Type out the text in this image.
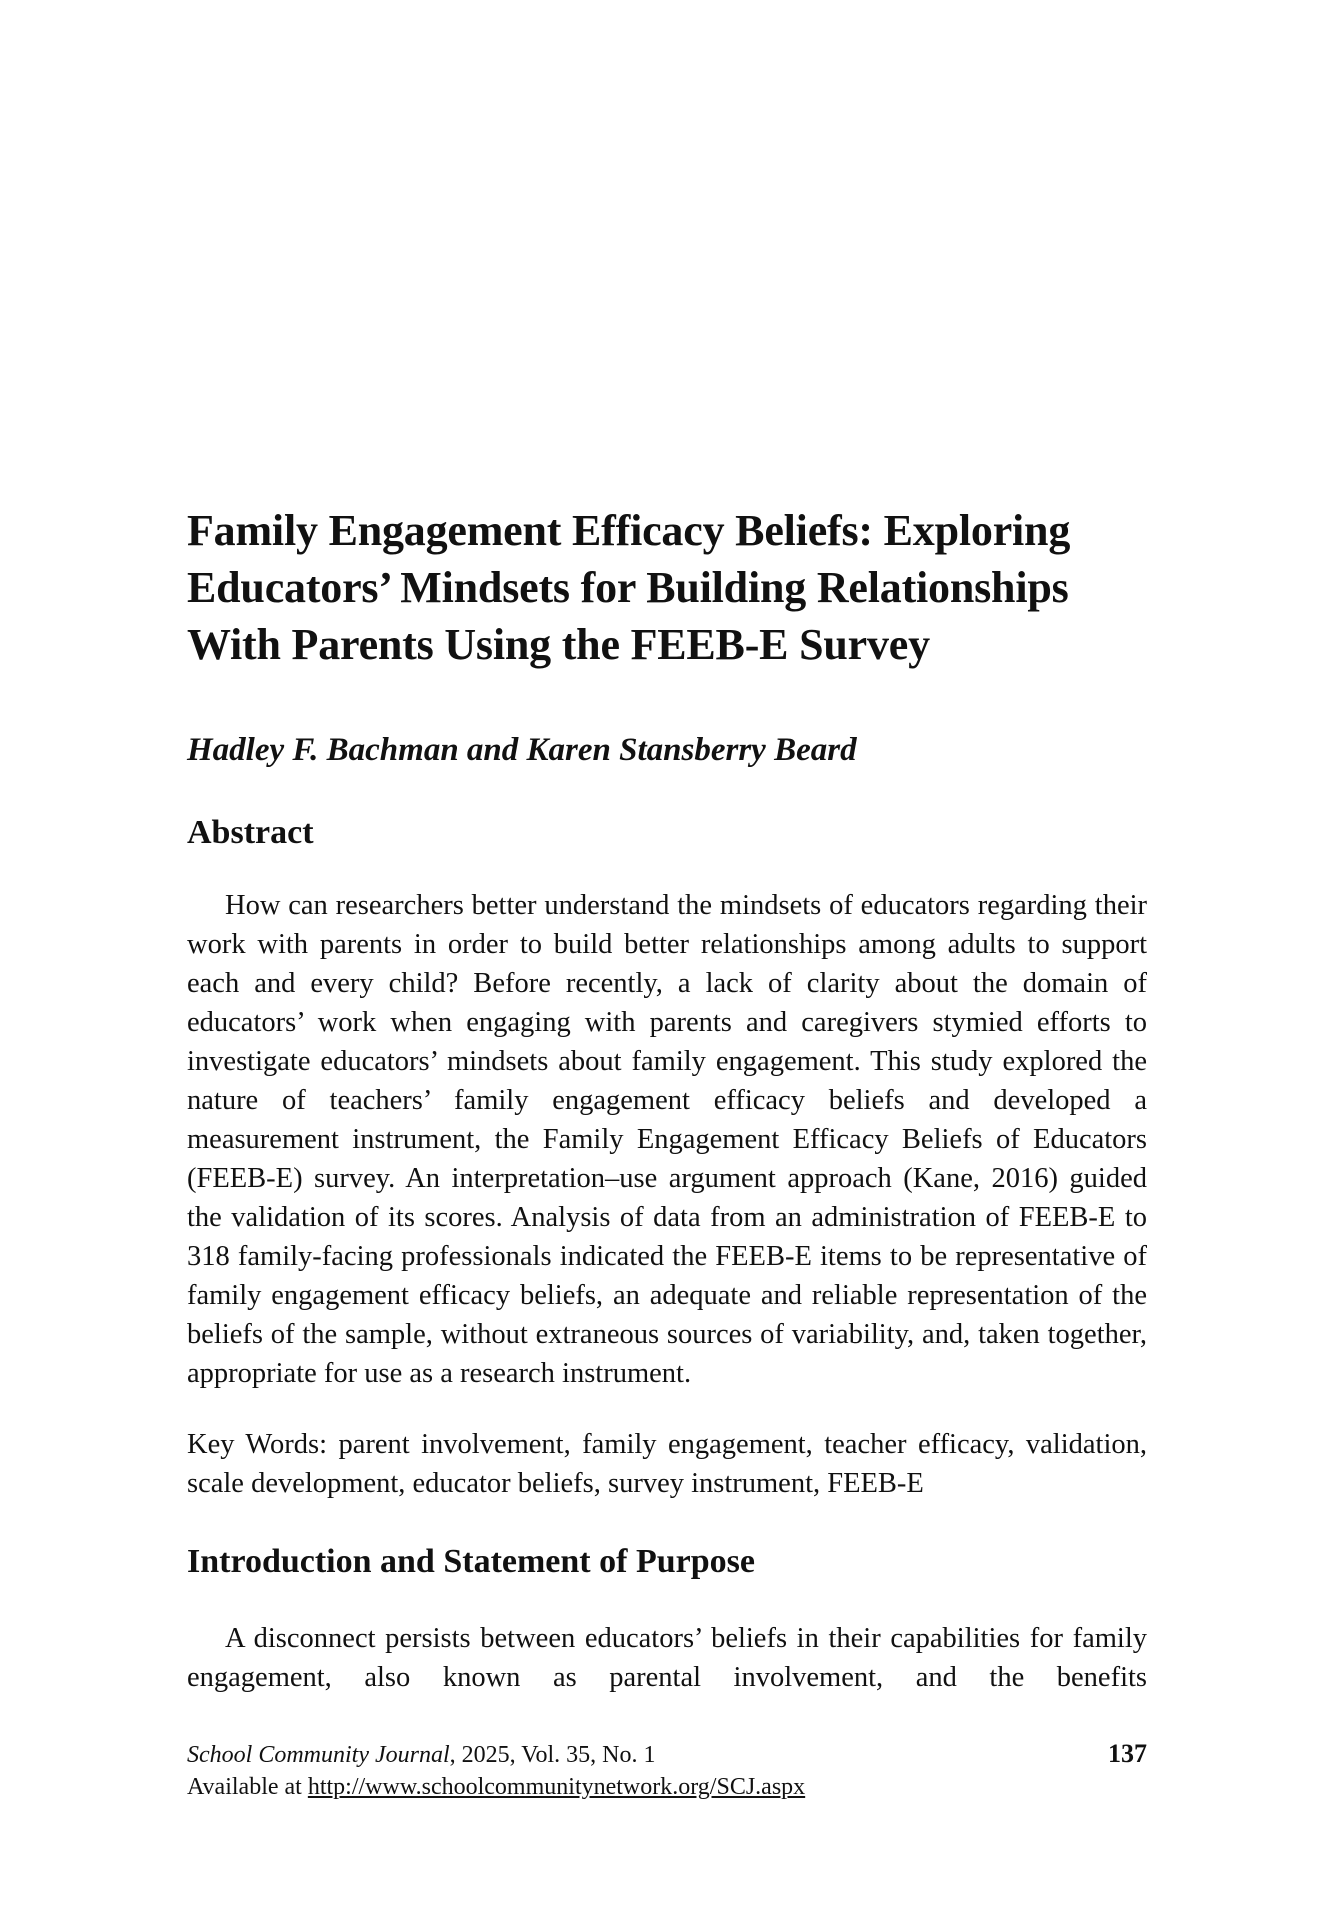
Family Engagement Efficacy Beliefs: Exploring Educators’ Mindsets for Building Relationships With Parents Using the FEEB-E Survey

Hadley F. Bachman and Karen Stansberry Beard

Abstract

How can researchers better understand the mindsets of educators regarding their work with parents in order to build better relationships among adults to support each and every child? Before recently, a lack of clarity about the domain of educators’ work when engaging with parents and caregivers stymied efforts to investigate educators’ mindsets about family engagement. This study explored the nature of teachers’ family engagement efficacy beliefs and developed a measurement instrument, the Family Engagement Efficacy Beliefs of Educators (FEEB-E) survey. An interpretation–use argument approach (Kane, 2016) guided the validation of its scores. Analysis of data from an administration of FEEB-E to 318 family-facing professionals indicated the FEEB-E items to be representative of family engagement efficacy beliefs, an adequate and reliable representation of the beliefs of the sample, without extraneous sources of variability, and, taken together, appropriate for use as a research instrument.

Key Words: parent involvement, family engagement, teacher efficacy, validation, scale development, educator beliefs, survey instrument, FEEB-E

Introduction and Statement of Purpose

A disconnect persists between educators’ beliefs in their capabilities for family engagement, also known as parental involvement, and the benefits

School Community Journal, 2025, Vol. 35, No. 1	137
Available at http://www.schoolcommunitynetwork.org/SCJ.aspx
